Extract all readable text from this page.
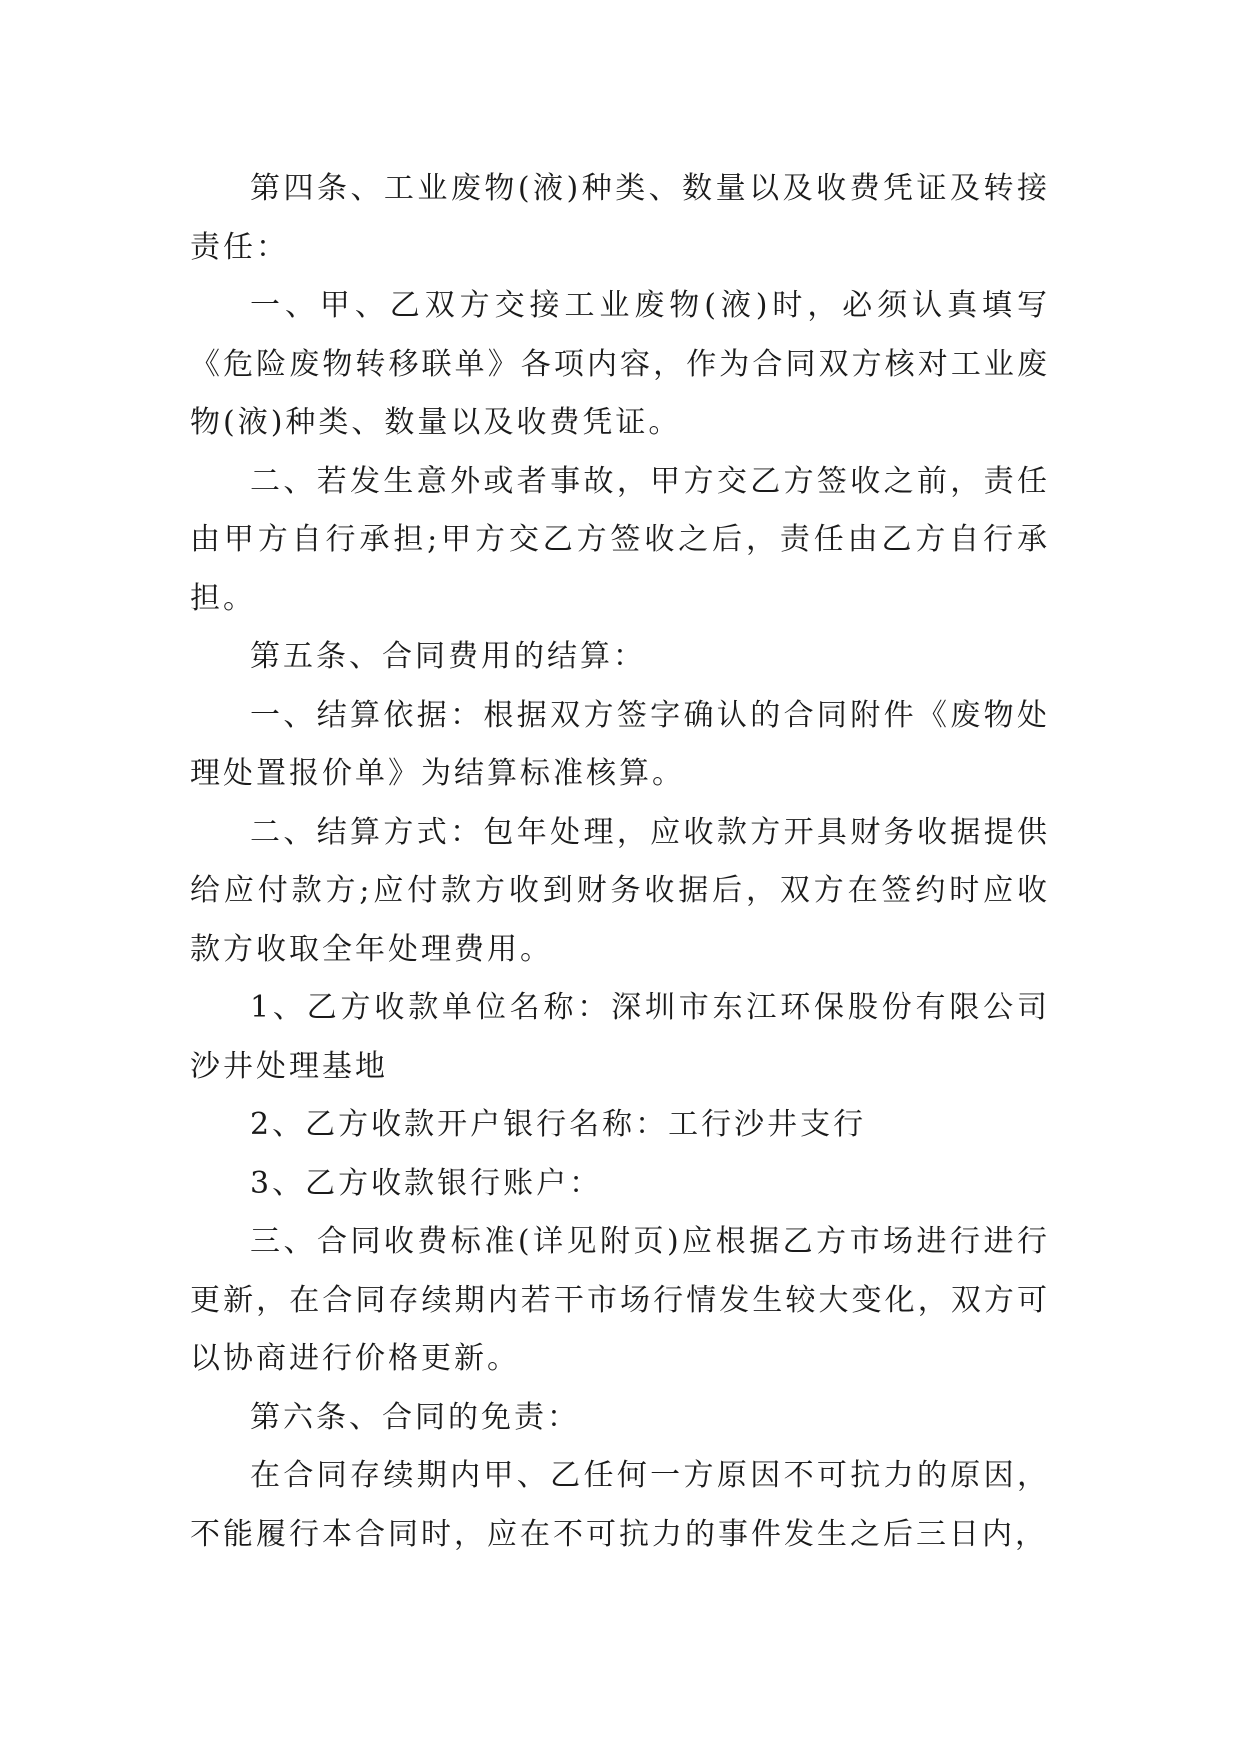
第四条、工业废物(液)种类、数量以及收费凭证及转接责任：

一、甲、乙双方交接工业废物(液)时，必须认真填写《危险废物转移联单》各项内容，作为合同双方核对工业废物(液)种类、数量以及收费凭证。

二、若发生意外或者事故，甲方交乙方签收之前，责任由甲方自行承担;甲方交乙方签收之后，责任由乙方自行承担。

第五条、合同费用的结算：

一、结算依据：根据双方签字确认的合同附件《废物处理处置报价单》为结算标准核算。

二、结算方式：包年处理，应收款方开具财务收据提供给应付款方;应付款方收到财务收据后，双方在签约时应收款方收取全年处理费用。

1、乙方收款单位名称：深圳市东江环保股份有限公司沙井处理基地

2、乙方收款开户银行名称：工行沙井支行

3、乙方收款银行账户：

三、合同收费标准(详见附页)应根据乙方市场进行进行更新，在合同存续期内若干市场行情发生较大变化，双方可以协商进行价格更新。

第六条、合同的免责：

在合同存续期内甲、乙任何一方原因不可抗力的原因，不能履行本合同时，应在不可抗力的事件发生之后三日内，
